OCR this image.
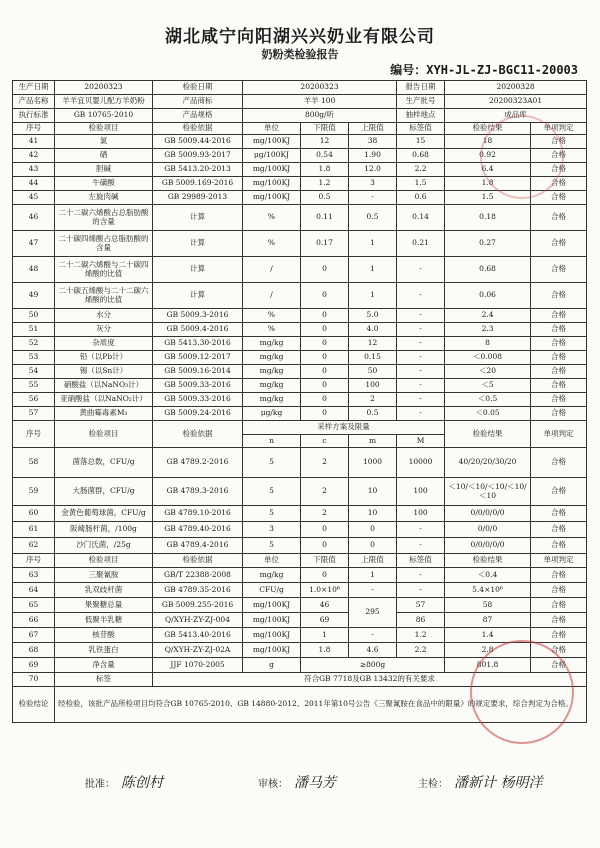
湖北咸宁向阳湖兴兴奶业有限公司
奶粉类检验报告
编号：XYH-JL-ZJ-BGC11-20003
生产日期	20200323	检验日期	20200323			报告日期	20200328	
产品名称	羊羊宜贝婴儿配方羊奶粉	产品商标	羊羊 100			生产批号	20200323A01	
执行标准	GB 10765-2010	产品规格	800g/听			抽样地点	成品库	
序号	检验项目	检验依据	单位	下限值	上限值	标签值	检验结果	单项判定
41	氯	GB 5009.44-2016	mg/100KJ	12	38	15	18	合格
42	硒	GB 5009.93-2017	μg/100KJ	0.54	1.90	0.68	0.92	合格
43	胆碱	GB 5413.20-2013	mg/100KJ	1.8	12.0	2.2	6.4	合格
44	牛磺酸	GB 5009.169-2016	mg/100KJ	1.2	3	1.5	1.8	合格
45	左旋肉碱	GB 29989-2013	mg/100KJ	0.5	-	0.6	1.5	合格
46	二十二碳六烯酸占总脂肪酸的含量	计算	%	0.11	0.5	0.14	0.18	合格
47	二十碳四烯酸占总脂肪酸的含量	计算	%	0.17	1	0.21	0.27	合格
48	二十二碳六烯酸与二十碳四烯酸的比值	计算	/	0	1	-	0.68	合格
49	二十碳五烯酸与二十二碳六烯酸的比值	计算	/	0	1	-	0.06	合格
50	水分	GB 5009.3-2016	%	0	5.0	-	2.4	合格
51	灰分	GB 5009.4-2016	%	0	4.0	-	2.3	合格
52	杂质度	GB 5413.30-2016	mg/kg	0	12	-	8	合格
53	铅（以Pb计）	GB 5009.12-2017	mg/kg	0	0.15	-	＜0.008	合格
54	锡（以Sn计）	GB 5009.16-2014	mg/kg	0	50	-	＜20	合格
55	硝酸盐（以NaNO₃计）	GB 5009.33-2016	mg/kg	0	100	-	＜5	合格
56	亚硝酸盐（以NaNO₂计）	GB 5009.33-2016	mg/kg	0	2	-	＜0.5	合格
57	黄曲霉毒素M₁	GB 5009.24-2016	μg/kg	0	0.5	-	＜0.05	合格
序号	检验项目	检验依据	采样方案及限量				检验结果	单项判定
			n	c	m	M		
58	菌落总数，CFU/g	GB 4789.2-2016	5	2	1000	10000	40/20/20/30/20	合格
59	大肠菌群，CFU/g	GB 4789.3-2016	5	2	10	100	＜10/＜10/＜10/＜10/＜10	合格
60	金黄色葡萄球菌，CFU/g	GB 4789.10-2016	5	2	10	100	0/0/0/0/0	合格
61	阪崎肠杆菌，/100g	GB 4789.40-2016	3	0	0	-	0/0/0	合格
62	沙门氏菌，/25g	GB 4789.4-2016	5	0	0	-	0/0/0/0/0	合格
序号	检验项目	检验依据	单位	下限值	上限值	标签值	检验结果	单项判定
63	三聚氰胺	GB/T 22388-2008	mg/kg	0	1	-	＜0.4	合格
64	乳双歧杆菌	GB 4789.35-2016	CFU/g	1.0×10⁶	-	-	5.4×10⁶	合格
65	果聚糖总量	GB 5009.255-2016	mg/100KJ	46	295	57	58	合格
66	低聚半乳糖	Q/XYH-ZY-ZJ-004	mg/100KJ	69		86	87	合格
67	核苷酸	GB 5413.40-2016	mg/100KJ	1	-	1.2	1.4	合格
68	乳铁蛋白	Q/XYH-ZY-ZJ-02A	mg/100KJ	1.8	4.6	2.2	2.8	合格
69	净含量	JJF 1070-2005	g	≥800g			801.8	合格
70	标签	符合GB 7718及GB 13432的有关要求						
检验结论	经检验，该批产品所检项目均符合GB 10765-2010、GB 14880-2012、2011年第10号公告《三聚氰胺在食品中的限量》的规定要求，综合判定为合格。							
批准： 陈创村	审核： 潘马芳	主检： 潘新计 杨明洋
